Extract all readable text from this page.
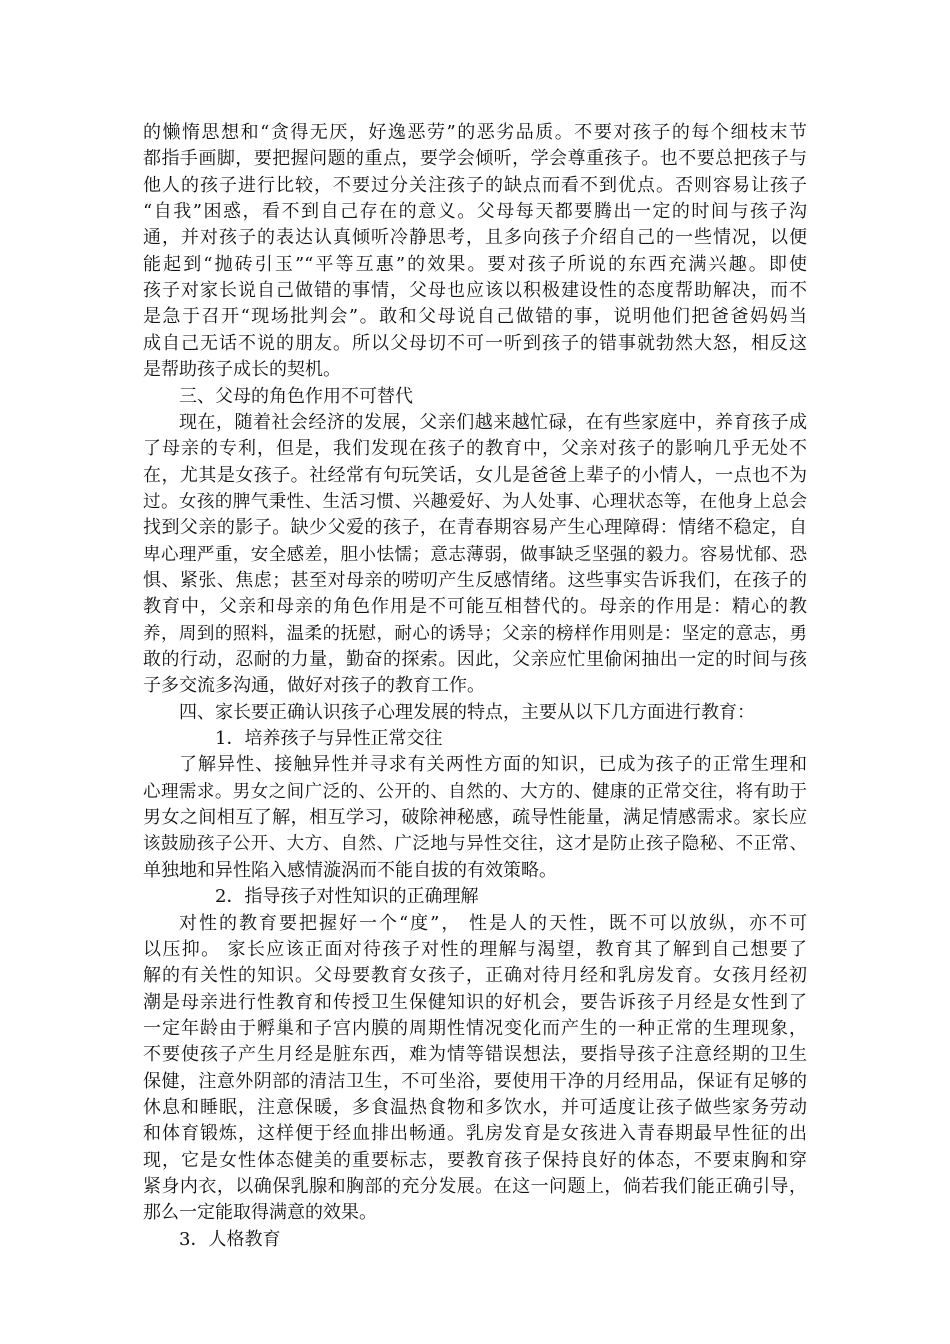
的懒惰思想和“贪得无厌，好逸恶劳”的恶劣品质。不要对孩子的每个细枝末节
都指手画脚，要把握问题的重点，要学会倾听，学会尊重孩子。也不要总把孩子与
他人的孩子进行比较，不要过分关注孩子的缺点而看不到优点。否则容易让孩子
“自我”困惑，看不到自己存在的意义。父母每天都要腾出一定的时间与孩子沟
通，并对孩子的表达认真倾听冷静思考，且多向孩子介绍自己的一些情况，以便
能起到“抛砖引玉”“平等互惠”的效果。要对孩子所说的东西充满兴趣。即使
孩子对家长说自己做错的事情，父母也应该以积极建设性的态度帮助解决，而不
是急于召开“现场批判会”。敢和父母说自己做错的事，说明他们把爸爸妈妈当
成自己无话不说的朋友。所以父母切不可一听到孩子的错事就勃然大怒，相反这
是帮助孩子成长的契机。
三、父母的角色作用不可替代
现在，随着社会经济的发展，父亲们越来越忙碌，在有些家庭中，养育孩子成
了母亲的专利，但是，我们发现在孩子的教育中，父亲对孩子的影响几乎无处不
在，尤其是女孩子。社经常有句玩笑话，女儿是爸爸上辈子的小情人，一点也不为
过。女孩的脾气秉性、生活习惯、兴趣爱好、为人处事、心理状态等，在他身上总会
找到父亲的影子。缺少父爱的孩子，在青春期容易产生心理障碍：情绪不稳定，自
卑心理严重，安全感差，胆小怯懦；意志薄弱，做事缺乏坚强的毅力。容易忧郁、恐
惧、紧张、焦虑；甚至对母亲的唠叨产生反感情绪。这些事实告诉我们，在孩子的
教育中，父亲和母亲的角色作用是不可能互相替代的。母亲的作用是：精心的教
养，周到的照料，温柔的抚慰，耐心的诱导；父亲的榜样作用则是：坚定的意志，勇
敢的行动，忍耐的力量，勤奋的探索。因此，父亲应忙里偷闲抽出一定的时间与孩
子多交流多沟通，做好对孩子的教育工作。
四、家长要正确认识孩子心理发展的特点，主要从以下几方面进行教育：
1．培养孩子与异性正常交往
了解异性、接触异性并寻求有关两性方面的知识，已成为孩子的正常生理和
心理需求。男女之间广泛的、公开的、自然的、大方的、健康的正常交往，将有助于
男女之间相互了解，相互学习，破除神秘感，疏导性能量，满足情感需求。家长应
该鼓励孩子公开、大方、自然、广泛地与异性交往，这才是防止孩子隐秘、不正常、
单独地和异性陷入感情漩涡而不能自拔的有效策略。
2．指导孩子对性知识的正确理解
对性的教育要把握好一个“度”， 性是人的天性，既不可以放纵，亦不可
以压抑。 家长应该正面对待孩子对性的理解与渴望，教育其了解到自己想要了
解的有关性的知识。父母要教育女孩子，正确对待月经和乳房发育。女孩月经初
潮是母亲进行性教育和传授卫生保健知识的好机会，要告诉孩子月经是女性到了
一定年龄由于孵巢和子宫内膜的周期性情况变化而产生的一种正常的生理现象，
不要使孩子产生月经是脏东西，难为情等错误想法，要指导孩子注意经期的卫生
保健，注意外阴部的清洁卫生，不可坐浴，要使用干净的月经用品，保证有足够的
休息和睡眠，注意保暖，多食温热食物和多饮水，并可适度让孩子做些家务劳动
和体育锻炼，这样便于经血排出畅通。乳房发育是女孩进入青春期最早性征的出
现，它是女性体态健美的重要标志，要教育孩子保持良好的体态，不要束胸和穿
紧身内衣，以确保乳腺和胸部的充分发展。在这一问题上，倘若我们能正确引导，
那么一定能取得满意的效果。
3．人格教育
